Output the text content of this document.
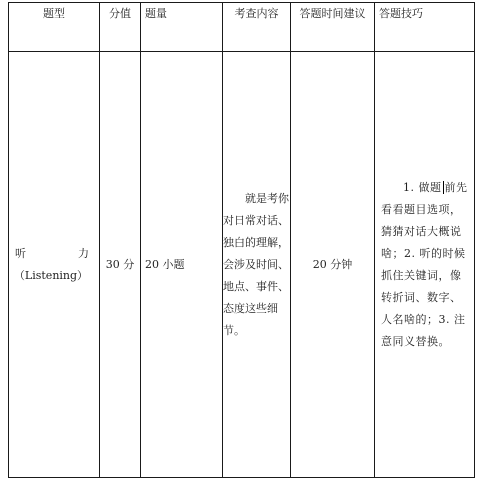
题型	分值	题量	考查内容	答题时间建议	答题技巧

听 力
（Listening）	30 分	20 小题	就是考你对日常对话、独白的理解，会涉及时间、地点、事件、态度这些细节。	20 分钟	1. 做题 前先看看题目选项，猜猜对话大概说啥；2. 听的时候抓住关键词，像转折词、数字、人名啥的；3. 注意同义替换。
